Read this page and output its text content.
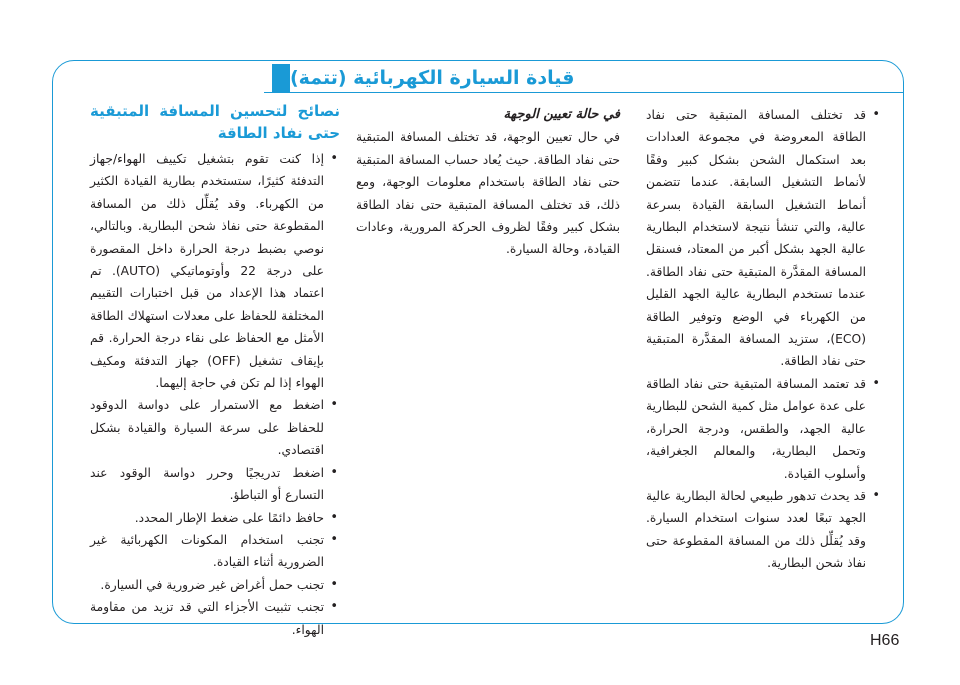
قيادة السيارة الكهربائية (تتمة)
• قد تختلف المسافة المتبقية حتى نفاد الطاقة المعروضة في مجموعة العدادات بعد استكمال الشحن بشكل كبير وفقًا لأنماط التشغيل السابقة. عندما تتضمن أنماط التشغيل السابقة القيادة بسرعة عالية، والتي تنشأ نتيجة لاستخدام البطارية عالية الجهد بشكل أكبر من المعتاد، فسنقل المسافة المقدَّرة المتبقية حتى نفاد الطاقة. عندما تستخدم البطارية عالية الجهد القليل من الكهرباء في الوضع وتوفير الطاقة (ECO)، ستزيد المسافة المقدَّرة المتبقية حتى نفاد الطاقة.
• قد تعتمد المسافة المتبقية حتى نفاد الطاقة على عدة عوامل مثل كمية الشحن للبطارية عالية الجهد، والطقس، ودرجة الحرارة، وتحمل البطارية، والمعالم الجغرافية، وأسلوب القيادة.
• قد يحدث تدهور طبيعي لحالة البطارية عالية الجهد تبعًا لعدد سنوات استخدام السيارة. وقد يُقلِّل ذلك من المسافة المقطوعة حتى نفاذ شحن البطارية.

في حالة تعيين الوجهة

في حال تعيين الوجهة، قد تختلف المسافة المتبقية حتى نفاد الطاقة. حيث يُعاد حساب المسافة المتبقية حتى نفاد الطاقة باستخدام معلومات الوجهة، ومع ذلك، قد تختلف المسافة المتبقية حتى نفاد الطاقة بشكل كبير وفقًا لظروف الحركة المرورية، وعادات القيادة، وحالة السيارة.

نصائح لتحسين المسافة المتبقية حتى نفاد الطاقة

• إذا كنت تقوم بتشغيل تكييف الهواء/جهاز التدفئة كثيرًا، ستستخدم بطارية القيادة الكثير من الكهرباء. وقد يُقلِّل ذلك من المسافة المقطوعة حتى نفاذ شحن البطارية. وبالتالي، نوصي بضبط درجة الحرارة داخل المقصورة على درجة 22 وأوتوماتيكي (AUTO). تم اعتماد هذا الإعداد من قبل اختبارات التقييم المختلفة للحفاظ على معدلات استهلاك الطاقة الأمثل مع الحفاظ على نقاء درجة الحرارة. قم بإيقاف تشغيل (OFF) جهاز التدفئة ومكيف الهواء إذا لم تكن في حاجة إليهما.
• اضغط مع الاستمرار على دواسة الدوقود للحفاظ على سرعة السيارة والقيادة بشكل اقتصادي.
• اضغط تدريجيًا وحرر دواسة الوقود عند التسارع أو التباطؤ.
• حافظ دائمًا على ضغط الإطار المحدد.
• تجنب استخدام المكونات الكهربائية غير الضرورية أثناء القيادة.
• تجنب حمل أغراض غير ضرورية في السيارة.
• تجنب تثبيت الأجزاء التي قد تزيد من مقاومة الهواء.
H66
